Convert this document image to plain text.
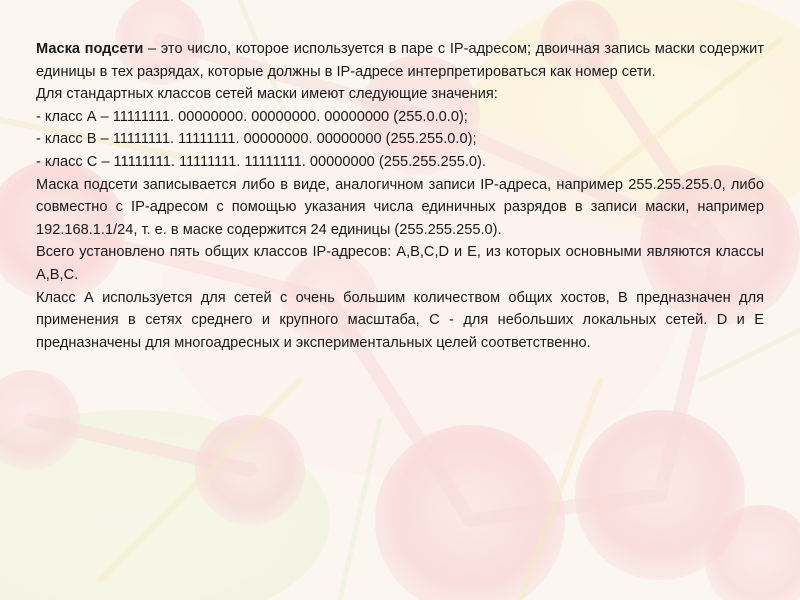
Маска подсети – это число, которое используется в паре с IP-адресом; двоичная запись маски содержит единицы в тех разрядах, которые должны в IP-адресе интерпретироваться как номер сети.

Для стандартных классов сетей маски имеют следующие значения:

- класс А – 11111111. 00000000. 00000000. 00000000 (255.0.0.0);

- класс В – 11111111. 11111111. 00000000. 00000000 (255.255.0.0);

- класс С – 11111111. 11111111. 11111111. 00000000 (255.255.255.0).

Маска подсети записывается либо в виде, аналогичном записи IP-адреса, например 255.255.255.0, либо совместно с IP-адресом с помощью указания числа единичных разрядов в записи маски, например 192.168.1.1/24, т. е. в маске содержится 24 единицы (255.255.255.0).

Всего установлено пять общих классов IP-адресов: A,B,C,D и E, из которых основными являются классы A,B,C.

Класс А используется для сетей с очень большим количеством общих хостов, В предназначен для применения в сетях среднего и крупного масштаба, С - для небольших локальных сетей. D и E предназначены для многоадресных и экспериментальных целей соответственно.
